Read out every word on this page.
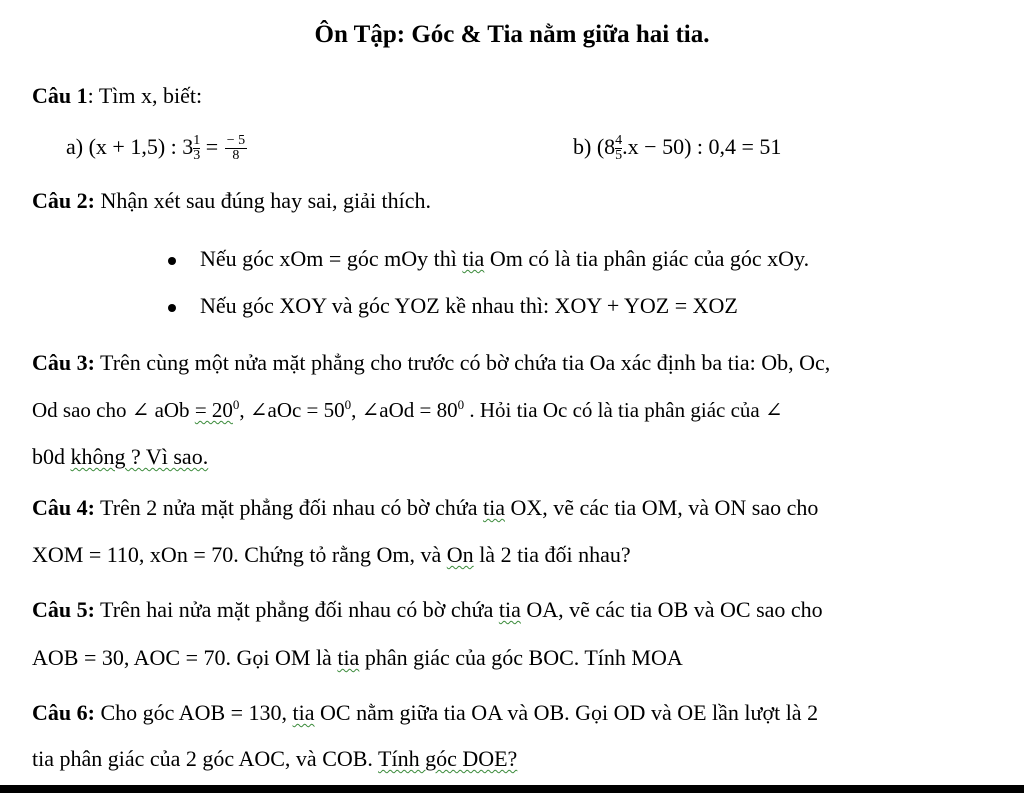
Ôn Tập: Góc & Tia nằm giữa hai tia.
Câu 1: Tìm x, biết:
a) (x + 1,5) : $3 \frac{1}{3} = \frac{- 5}{8}$	b) $(8 \frac{4}{5} .x - 50)$ : 0,4 = 51
Câu 2: Nhận xét sau đúng hay sai, giải thích.
Nếu góc xOm = góc mOy thì tia Om có là tia phân giác của góc xOy.
Nếu góc XOY và góc YOZ kề nhau thì: XOY + YOZ = XOZ
Câu 3: Trên cùng một nửa mặt phẳng cho trước có bờ chứa tia Oa xác định ba tia: Ob, Oc,
Od sao cho ∠ aOb = $20^0$, ∠aOc = $50^0$, ∠aOd = $80^0$ . Hỏi tia Oc có là tia phân giác của ∠
b0d không ? Vì sao.
Câu 4: Trên 2 nửa mặt phẳng đối nhau có bờ chứa tia OX, vẽ các tia OM, và ON sao cho
XOM = 110, xOn = 70. Chứng tỏ rằng Om, và On là 2 tia đối nhau?
Câu 5: Trên hai nửa mặt phẳng đối nhau có bờ chứa tia OA, vẽ các tia OB và OC sao cho
AOB = 30, AOC = 70. Gọi OM là tia phân giác của góc BOC. Tính MOA
Câu 6: Cho góc AOB = 130, tia OC nằm giữa tia OA và OB. Gọi OD và OE lần lượt là 2
tia phân giác của 2 góc AOC, và COB. Tính góc DOE?
